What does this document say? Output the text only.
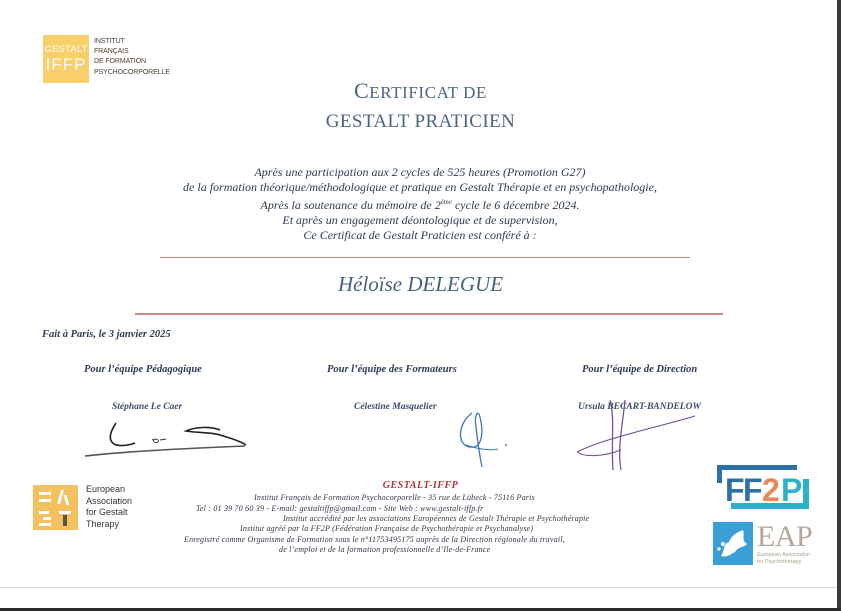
GESTALT
IFFP
INSTITUT
FRANÇAIS
DE FORMATION
PSYCHOCORPORELLE
CERTIFICAT DE
GESTALT PRATICIEN
Après une participation aux 2 cycles de 525 heures (Promotion G27)
de la formation théorique/méthodologique et pratique en Gestalt Thérapie et en psychopathologie,
Après la soutenance du mémoire de 2ème cycle le 6 décembre 2024.
Et après un engagement déontologique et de supervision,
Ce Certificat de Gestalt Praticien est conféré à :
Héloïse DELEGUE
Fait à Paris, le 3 janvier 2025
Pour l’équipe Pédagogique	Pour l’équipe des Formateurs	Pour l’équipe de Direction
Stéphane Le Caer	Célestine Masquelier	Ursula BECART-BANDELOW
GESTALT-IFFP
Institut Français de Formation Psychocorporelle - 35 rue de Lübeck - 75116 Paris
Tel : 01 39 70 60 39 - E-mail: gestaltiffp@gmail.com - Site Web : www.gestalt-iffp.fr
Institut accrédité par les associations Européennes de Gestalt Thérapie et Psychothérapie
Institut agréé par la FF2P (Fédération Française de Psychothérapie et Psychanalyse)
Enregistré comme Organisme de Formation sous le n°11753495175 auprès de la Direction régionale du travail,
de l’emploi et de la formation professionnelle d’Ile-de-France
European
Association
for Gestalt
Therapy
F F 2 P
EAP
European Association
for Psychotherapy
